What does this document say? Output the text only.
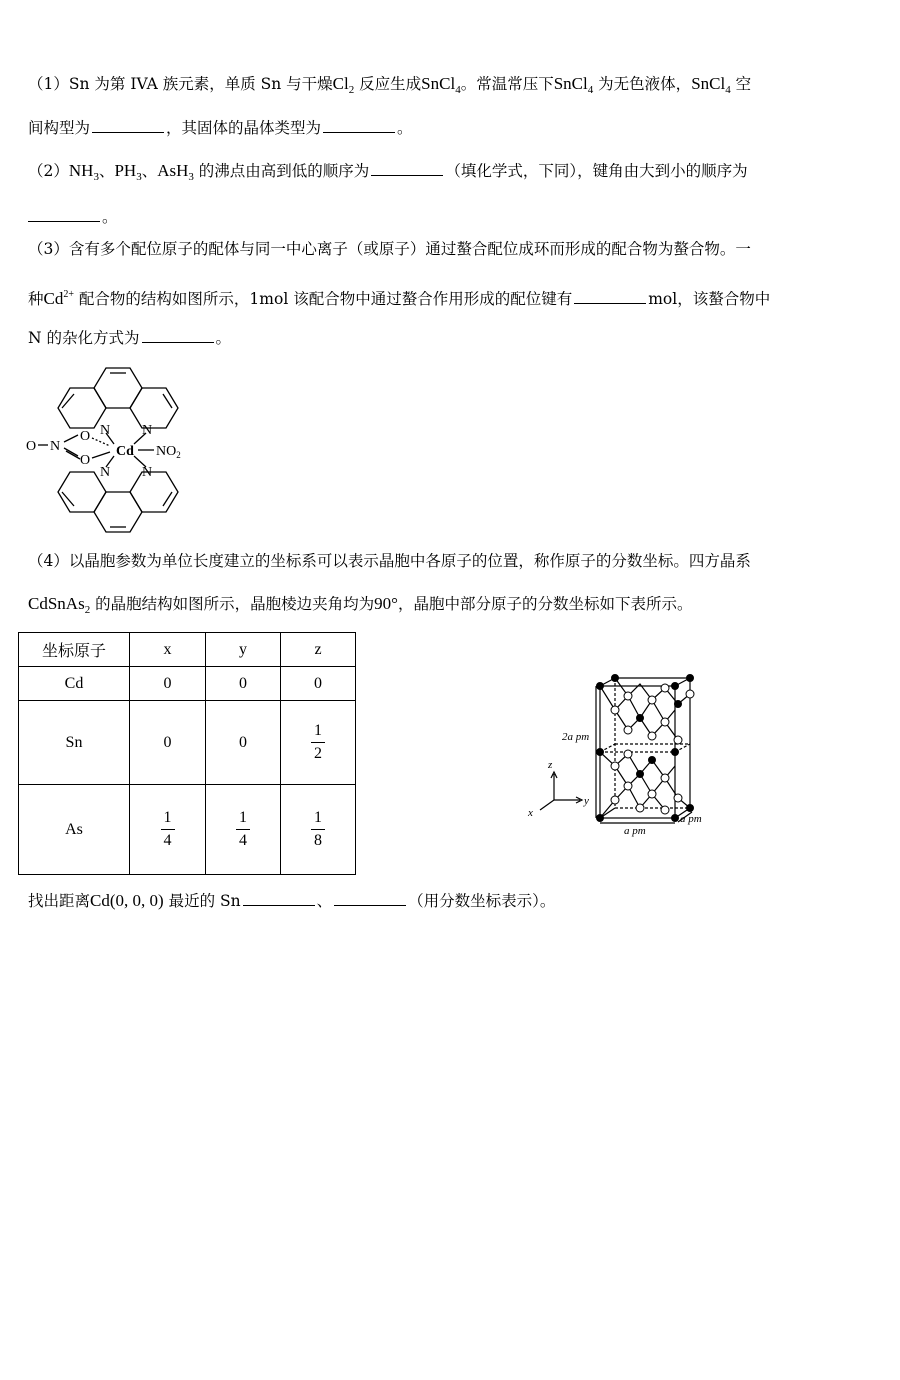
（1）Sn 为第 IVA 族元素，单质 Sn 与干燥$Cl_2$ 反应生成SnCl$_4$。常温常压下SnCl$_4$ 为无色液体，SnCl$_4$ 空
间构型为	，其固体的晶体类型为	。
$(2)NH_3$、$PH_3$、AsH$_3$ 的沸点由高到低的顺序为	（填化学式，下同），键角由大到小的顺序为
。
（3）含有多个配位原子的配体与同一中心离子（或原子）通过螯合配位成环而形成的配合物为螯合物。一
种$Cd^{2+}$ 配合物的结构如图所示，1mol 该配合物中通过螯合作用形成的配位键有	mol，该螯合物中
N 的杂化方式为	。
N N
N N
Cd
O N
O
O
$NO_2$
（4）以晶胞参数为单位长度建立的坐标系可以表示晶胞中各原子的位置，称作原子的分数坐标。四方晶系
CdSnAs$_2$ 的晶胞结构如图所示，晶胞棱边夹角均为90°，晶胞中部分原子的分数坐标如下表所示。
坐标原子	x	y	z
Cd	0	0	0
Sn	0	0	$\frac{1}{2}$

As	$\frac{1}{4}$	$\frac{1}{4}$	$\frac{1}{8}$
2a pm
a pm
a pm
z
y
x
找出距离Cd(0, 0, 0) 最近的 Sn	、	（用分数坐标表示）。
